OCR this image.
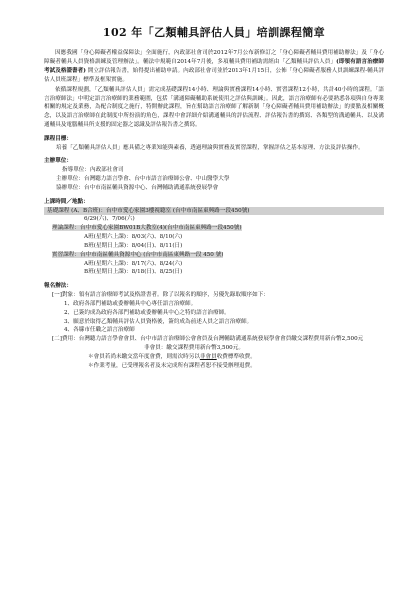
102 年「乙類輔具評估人員」培訓課程簡章

因應我國「身心障礙者權益保障法」全面施行，內政部社會司於2012年7月公布新修訂之「身心障礙者輔具費用補助辦法」及「身心障礙者輔具人員資格訓練及管理辦法」。輔法中規範自2014年7月後，多項輔具費用補助需經由「乙類輔具評估人員」(即領有語言治療師考試及格證書者) 開立評估報告書，始得提出補助申請。內政部社會司並於2013年1月15日，公佈「身心障礙者服務人員訓練課程-輔具評估人員班課程」標準及框架實施。

依循課程規劃，「乙類輔具評估人員」需完成基礎課程14小時、理論與實務課程14小時、實習課程12小時，共計40小時的課程。「語言治療師法」中明定語言治療師的業務範圍，包括「溝通障礙輔助系統使用之評估與訓練」。因此，語言治療師有必要熟悉各項與自身專業相關的規定及業務，為配合制度之施行，特開辦此課程，旨在幫助語言治療師了解新制「身心障礙者輔具費用補助辦法」的要點及相關概念，以及語言治療師在此制度中所扮演的角色，課程中會詳細介紹溝通輔具的評估流程、評估報告書的撰寫、各類型的溝通輔具、以及溝通輔具及電腦輔具所支援的固定器之認識及評估報告書之撰寫。

課程目標：
培養「乙類輔具評估人員」應具備之專業知能與素養，透過理論與實務及實習課程，掌握評估之基本原理、方法及評估操作。
主辦單位：
指導單位：內政部社會司
主辦單位：台灣聽力語言學會、台中市語言治療師公會、中山醫學大學
協辦單位：台中市南區輔具資源中心、台灣輔助溝通系統發展學會
上課時間／地點：
基礎課程 (A、B合班)：台中市愛心家園3樓視聽室 (台中市南區東興路一段450號)
6/29(六)、7/06(六)
理論課程：台中市愛心家園BW01B大教室(4)(台中市南區東興路一段450號)
A班(星期六上課)：8/03(六)、8/10(六)
B班(星期日上課)：8/04(日)、8/11(日)
實習課程：台中市南區輔具資源中心 (台中市南區東興路一段 450 號)
A班(星期六上課)：8/17(六)、8/24(六)
B班(星期日上課)：8/18(日)、8/25(日)
報名辦法：
[一]對象：領有語言治療師考試及格證書者。除了以報名的順序，另優先錄取順序如下：
1、政府各部門補助或委辦輔具中心專任語言治療師。
2、已簽約成為政府各部門補助或委辦輔具中心之特約語言治療師。
3、願意於取得乙類輔具評估人員資格後，簽約成為前述人員之語言治療師。
4、各縣市任職之語言治療師
[二]費用：台灣聽力語言學會會員、台中市語言治療師公會會員及台灣輔助溝通系統發展學會會員繳交課程費用新台幣2,500元
非會員：繳交課程費用新台幣3,500元。
＊會員若尚未繳交當年度會費，則需次時另以非會員收費標準收費。
＊作業考量，已受理報名者及未完成所有課程者恕不接受辦理退費。
